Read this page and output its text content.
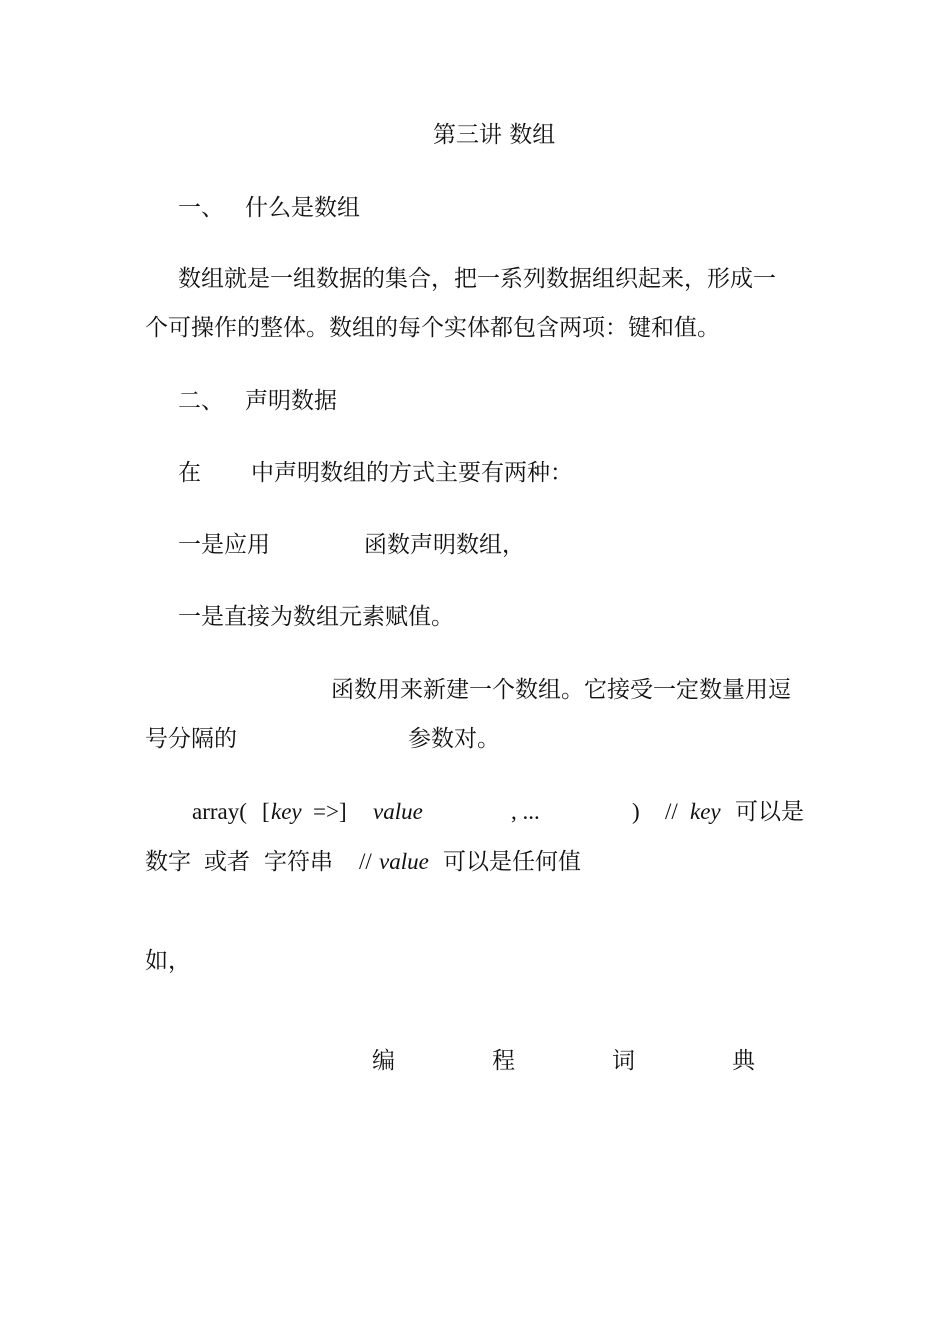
第三讲 数组

一、 什么是数组

数组就是一组数据的集合，把一系列数据组织起来，形成一

个可操作的整体。数组的每个实体都包含两项：键和值。

二、 声明数据
在 中声明数组的方式主要有两种：
一是应用	函数声明数组，

一是直接为数组元素赋值。

函数用来新建一个数组。它接受一定数量用逗

号分隔的	参数对。
array( [ key =>] value	, ...	) // key 可以是
数字 或者 字符串 // value 可以是任何值

如，

编	程	词	典
